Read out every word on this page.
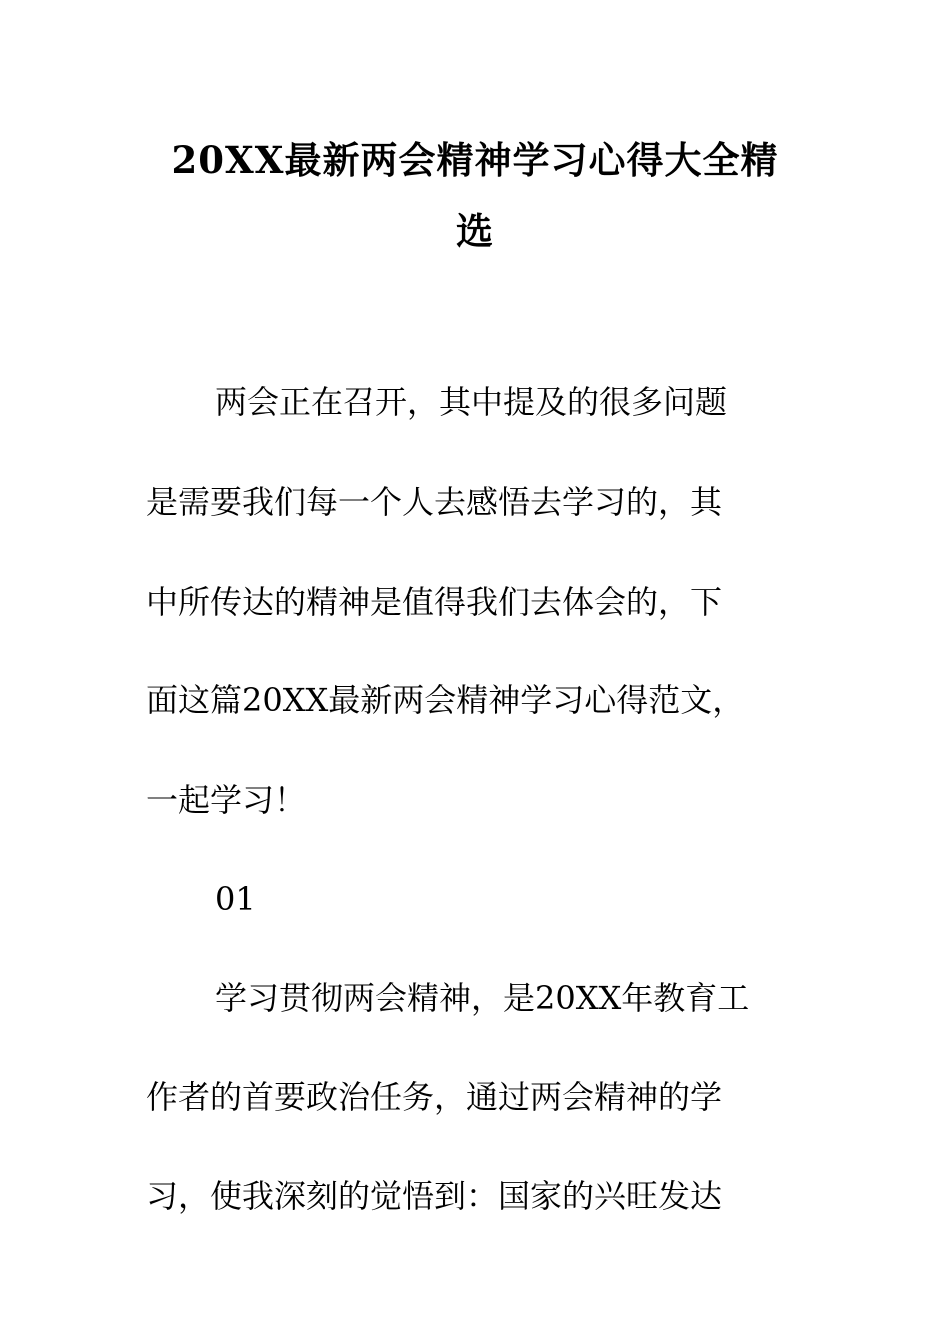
20XX最新两会精神学习心得大全精
选

两会正在召开，其中提及的很多问题

是需要我们每一个人去感悟去学习的，其

中所传达的精神是值得我们去体会的，下

面这篇20XX最新两会精神学习心得范文，

一起学习！

01

学习贯彻两会精神，是20XX年教育工

作者的首要政治任务，通过两会精神的学

习，使我深刻的觉悟到：国家的兴旺发达
